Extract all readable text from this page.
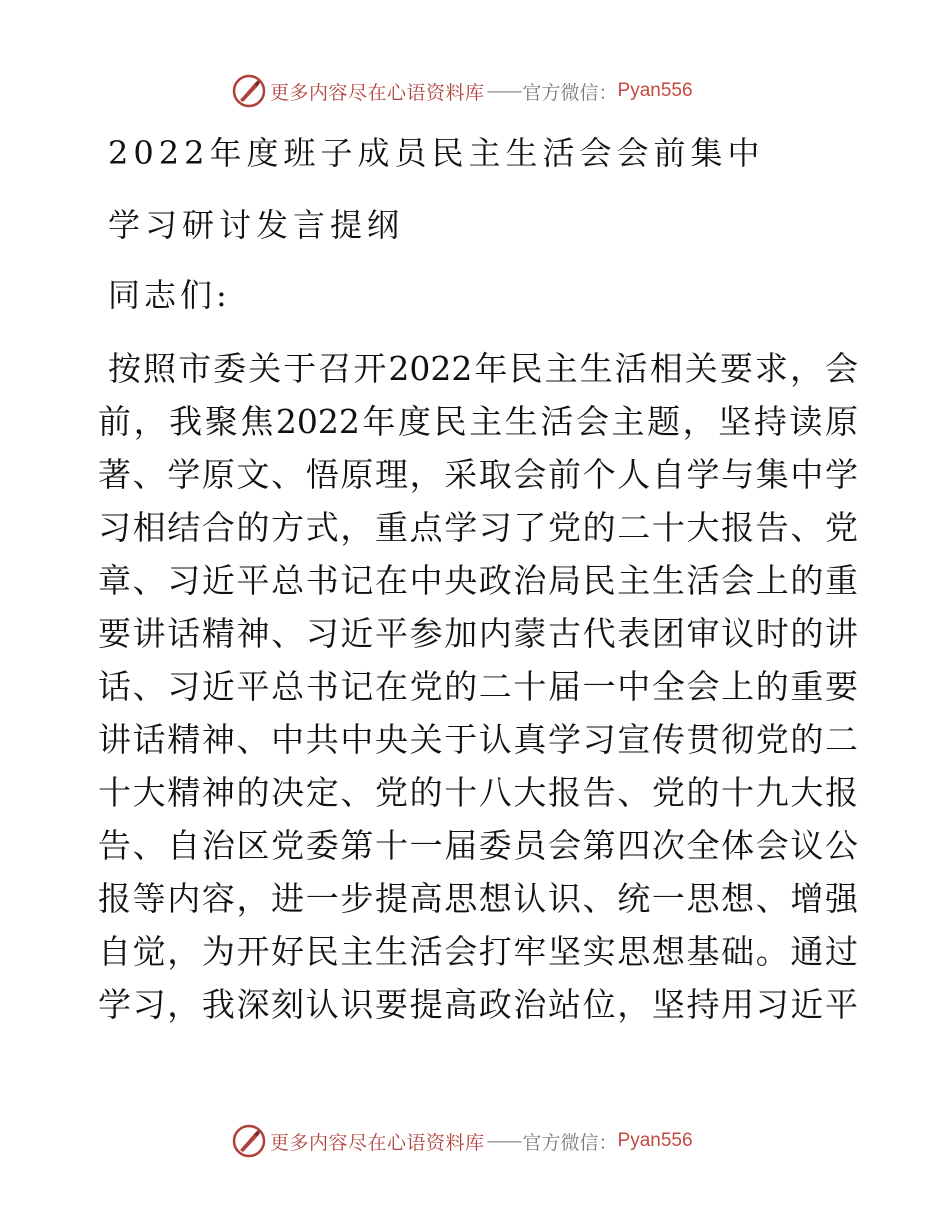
更多内容尽在心语资料库 —— 官方微信： Pyan556
2022年度班子成员民主生活会会前集中
学习研讨发言提纲
同志们:
按照市委关于召开2022年民主生活相关要求，会
前，我聚焦2022年度民主生活会主题，坚持读原
著、学原文、悟原理，采取会前个人自学与集中学
习相结合的方式，重点学习了党的二十大报告、党
章、习近平总书记在中央政治局民主生活会上的重
要讲话精神、习近平参加内蒙古代表团审议时的讲
话、习近平总书记在党的二十届一中全会上的重要
讲话精神、中共中央关于认真学习宣传贯彻党的二
十大精神的决定、党的十八大报告、党的十九大报
告、自治区党委第十一届委员会第四次全体会议公
报等内容，进一步提高思想认识、统一思想、增强
自觉，为开好民主生活会打牢坚实思想基础。通过
学习，我深刻认识要提高政治站位，坚持用习近平
更多内容尽在心语资料库 —— 官方微信： Pyan556
